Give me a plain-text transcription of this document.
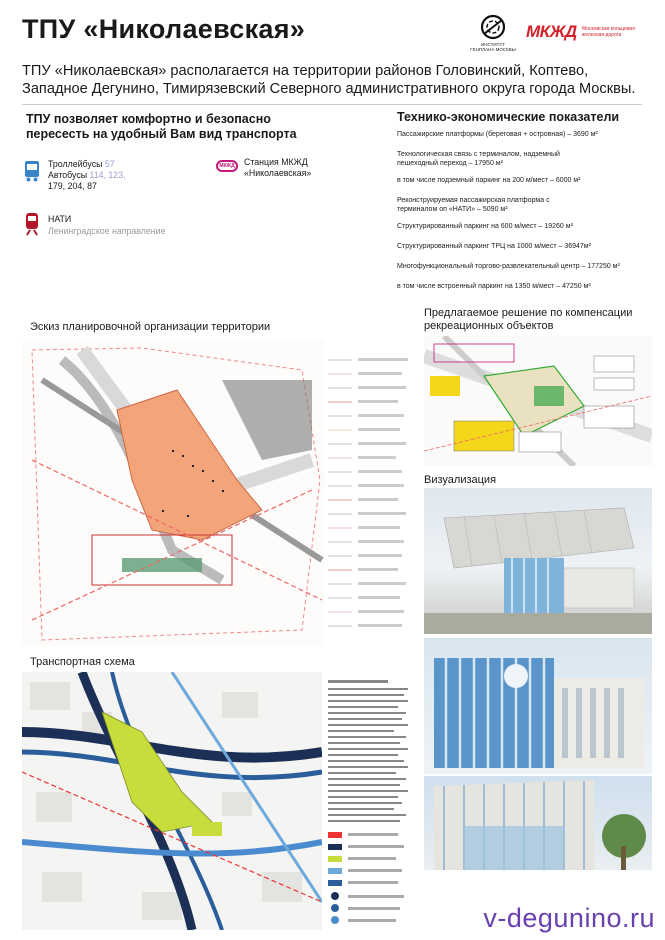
ТПУ «Николаевская»
ИНСТИТУТ ГЕНПЛАНА МОСКВЫ
МКЖД Московская кольцевая железная дорога
ТПУ «Николаевская» располагается на территории районов Головинский, Коптево, Западное Дегунино, Тимирязевский Северного административного округа города Москвы.
ТПУ позволяет комфортно и безопасно пересесть на удобный Вам вид транспорта
Троллейбусы 57
Автобусы 114, 123,
179, 204, 87
МКЖД	Станция МКЖД
«Николаевская»
НАТИ
Ленинградское направление
Технико-экономические показатели
Пассажирские платформы (береговая + островная) – 3690 м²
Технологическая связь с терминалом, надземный пешеходный переход – 17950 м²
в том числе подземный паркинг на 200 м/мест – 6000 м²
Реконструируемая пассажирская платформа с терминалом оп «НАТИ» – 5090 м²
Структурированный паркинг на 600 м/мест – 19260 м²
Структурированный паркинг ТРЦ на 1000 м/мест – 36947м²
Многофункциональный торгово-развлекательный центр – 177250 м²
в том числе встроенный паркинг на 1350 м/мест – 47250 м²
Эскиз планировочной организации территории
Предлагаемое решение по компенсации рекреационных объектов
Визуализация
Транспортная схема
v-degunino.ru
